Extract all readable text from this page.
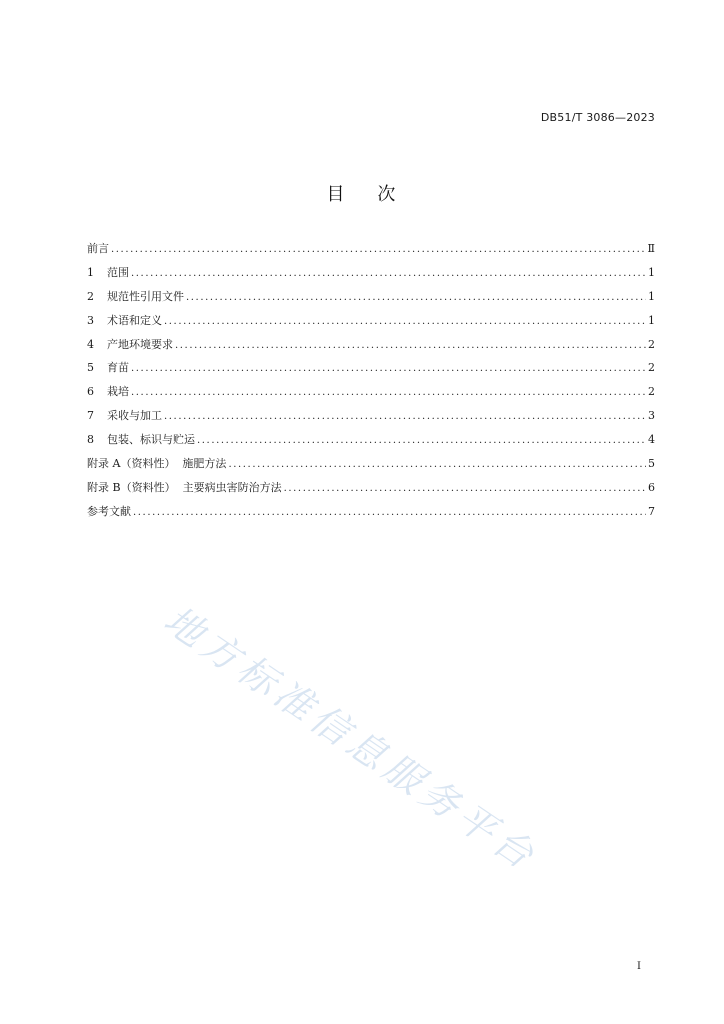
DB51/T 3086—2023
目    次
前言 .....	Ⅱ
1	范围 .....	1
2	规范性引用文件 .....	1
3	术语和定义 .....	1
4	产地环境要求 .....	2
5	育苗 .....	2
6	栽培 .....	2
7	采收与加工 .....	3
8	包装、标识与贮运 .....	4
附录 A（资料性）  施肥方法 .....	5
附录 B（资料性）  主要病虫害防治方法 .....	6
参考文献 .....	7
地方标准信息服务平台
I
